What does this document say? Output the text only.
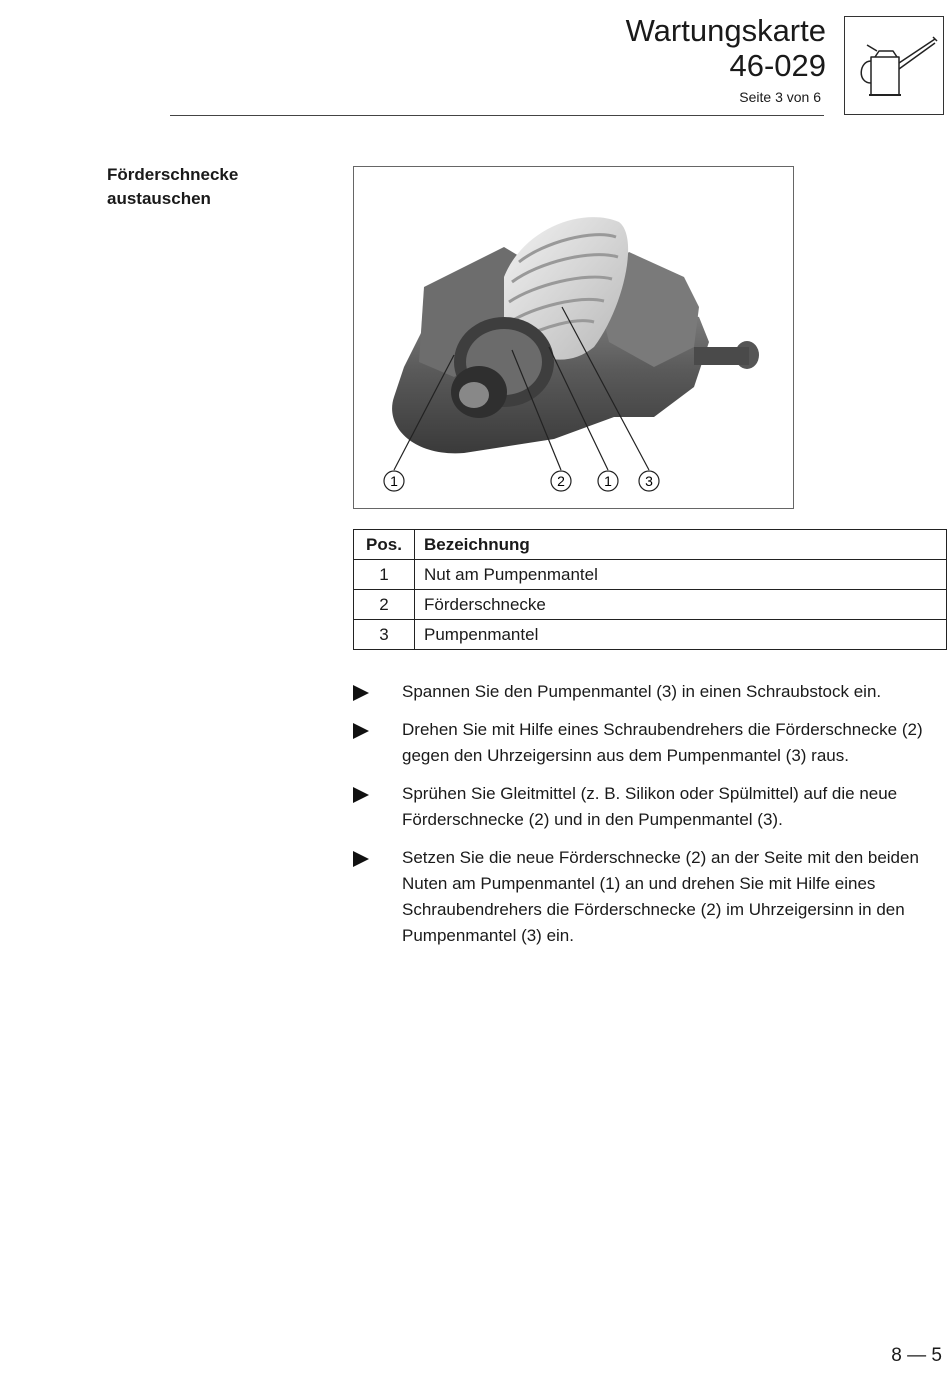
Wartungskarte
46-029
Seite 3 von 6
Förderschnecke
austauschen
1	2	1 3
Pos.	Bezeichnung
1	Nut am Pumpenmantel
2	Förderschnecke
3	Pumpenmantel
Spannen Sie den Pumpenmantel (3) in einen Schraubstock ein.
Drehen Sie mit Hilfe eines Schraubendrehers die Förderschnecke (2) gegen den Uhrzeigersinn aus dem Pumpenmantel (3) raus.
Sprühen Sie Gleitmittel (z. B. Silikon oder Spülmittel) auf die neue Förderschnecke (2) und in den Pumpenmantel (3).
Setzen Sie die neue Förderschnecke (2) an der Seite mit den beiden Nuten am Pumpenmantel (1) an und drehen Sie mit Hilfe eines Schraubendrehers die Förderschnecke (2) im Uhrzeigersinn in den Pumpenmantel (3) ein.
8 — 5
